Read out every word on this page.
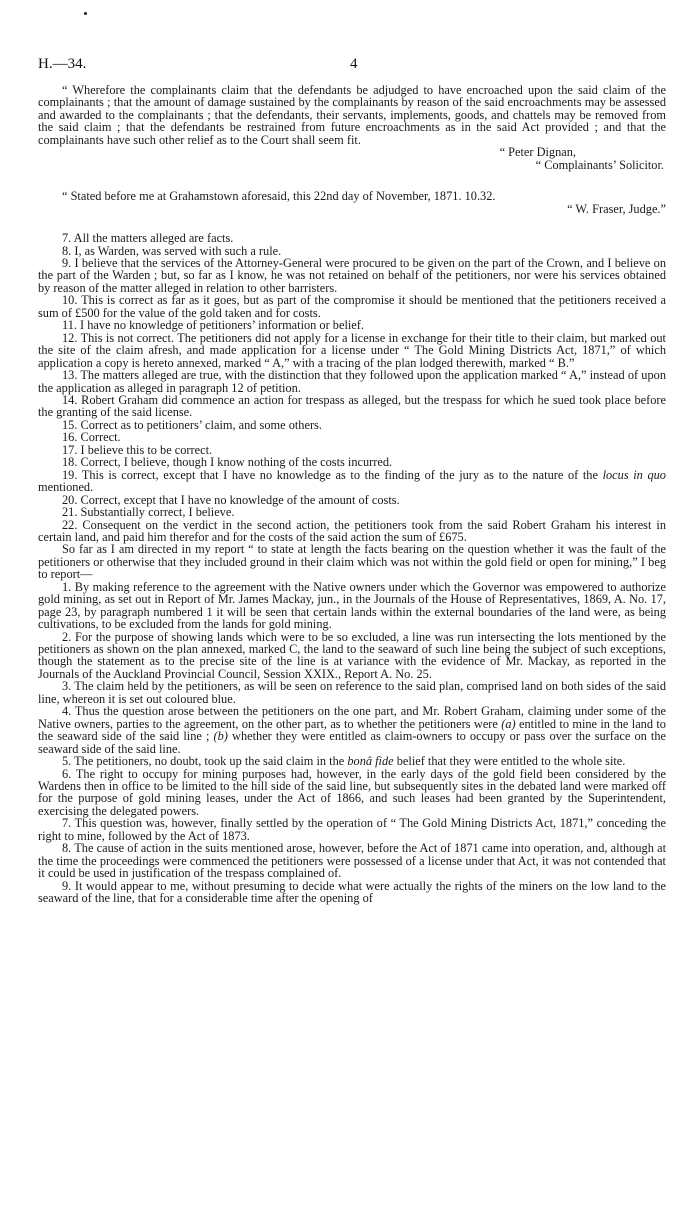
H.—34.	4

“ Wherefore the complainants claim that the defendants be adjudged to have encroached upon the said claim of the complainants ; that the amount of damage sustained by the complainants by reason of the said encroachments may be assessed and awarded to the complainants ; that the defendants, their servants, implements, goods, and chattels may be removed from the said claim ; that the defendants be restrained from future encroachments as in the said Act provided ; and that the complainants have such other relief as to the Court shall seem fit.

“ Peter Dignan,

“ Complainants’ Solicitor.

“ Stated before me at Grahamstown aforesaid, this 22nd day of November, 1871. 10.32.

“ W. Fraser, Judge.”

7. All the matters alleged are facts.

8. I, as Warden, was served with such a rule.

9. I believe that the services of the Attorney-General were procured to be given on the part of the Crown, and I believe on the part of the Warden ; but, so far as I know, he was not retained on behalf of the petitioners, nor were his services obtained by reason of the matter alleged in relation to other barristers.

10. This is correct as far as it goes, but as part of the compromise it should be mentioned that the petitioners received a sum of £500 for the value of the gold taken and for costs.

11. I have no knowledge of petitioners’ information or belief.

12. This is not correct. The petitioners did not apply for a license in exchange for their title to their claim, but marked out the site of the claim afresh, and made application for a license under “ The Gold Mining Districts Act, 1871,” of which application a copy is hereto annexed, marked “ A,” with a tracing of the plan lodged therewith, marked “ B.”

13. The matters alleged are true, with the distinction that they followed upon the application marked “ A,” instead of upon the application as alleged in paragraph 12 of petition.

14. Robert Graham did commence an action for trespass as alleged, but the trespass for which he sued took place before the granting of the said license.

15. Correct as to petitioners’ claim, and some others.

16. Correct.

17. I believe this to be correct.

18. Correct, I believe, though I know nothing of the costs incurred.

19. This is correct, except that I have no knowledge as to the finding of the jury as to the nature of the locus in quo mentioned.

20. Correct, except that I have no knowledge of the amount of costs.

21. Substantially correct, I believe.

22. Consequent on the verdict in the second action, the petitioners took from the said Robert Graham his interest in certain land, and paid him therefor and for the costs of the said action the sum of £675.

So far as I am directed in my report “ to state at length the facts bearing on the question whether it was the fault of the petitioners or otherwise that they included ground in their claim which was not within the gold field or open for mining,” I beg to report—

1. By making reference to the agreement with the Native owners under which the Governor was empowered to authorize gold mining, as set out in Report of Mr. James Mackay, jun., in the Journals of the House of Representatives, 1869, A. No. 17, page 23, by paragraph numbered 1 it will be seen that certain lands within the external boundaries of the land were, as being cultivations, to be excluded from the lands for gold mining.

2. For the purpose of showing lands which were to be so excluded, a line was run intersecting the lots mentioned by the petitioners as shown on the plan annexed, marked C, the land to the seaward of such line being the subject of such exceptions, though the statement as to the precise site of the line is at variance with the evidence of Mr. Mackay, as reported in the Journals of the Auckland Provincial Council, Session XXIX., Report A. No. 25.

3. The claim held by the petitioners, as will be seen on reference to the said plan, comprised land on both sides of the said line, whereon it is set out coloured blue.

4. Thus the question arose between the petitioners on the one part, and Mr. Robert Graham, claiming under some of the Native owners, parties to the agreement, on the other part, as to whether the petitioners were (a) entitled to mine in the land to the seaward side of the said line ; (b) whether they were entitled as claim-owners to occupy or pass over the surface on the seaward side of the said line.

5. The petitioners, no doubt, took up the said claim in the bonâ fide belief that they were entitled to the whole site.

6. The right to occupy for mining purposes had, however, in the early days of the gold field been considered by the Wardens then in office to be limited to the hill side of the said line, but subsequently sites in the debated land were marked off for the purpose of gold mining leases, under the Act of 1866, and such leases had been granted by the Superintendent, exercising the delegated powers.

7. This question was, however, finally settled by the operation of “ The Gold Mining Districts Act, 1871,” conceding the right to mine, followed by the Act of 1873.

8. The cause of action in the suits mentioned arose, however, before the Act of 1871 came into operation, and, although at the time the proceedings were commenced the petitioners were possessed of a license under that Act, it was not contended that it could be used in justification of the trespass complained of.

9. It would appear to me, without presuming to decide what were actually the rights of the miners on the low land to the seaward of the line, that for a considerable time after the opening of
